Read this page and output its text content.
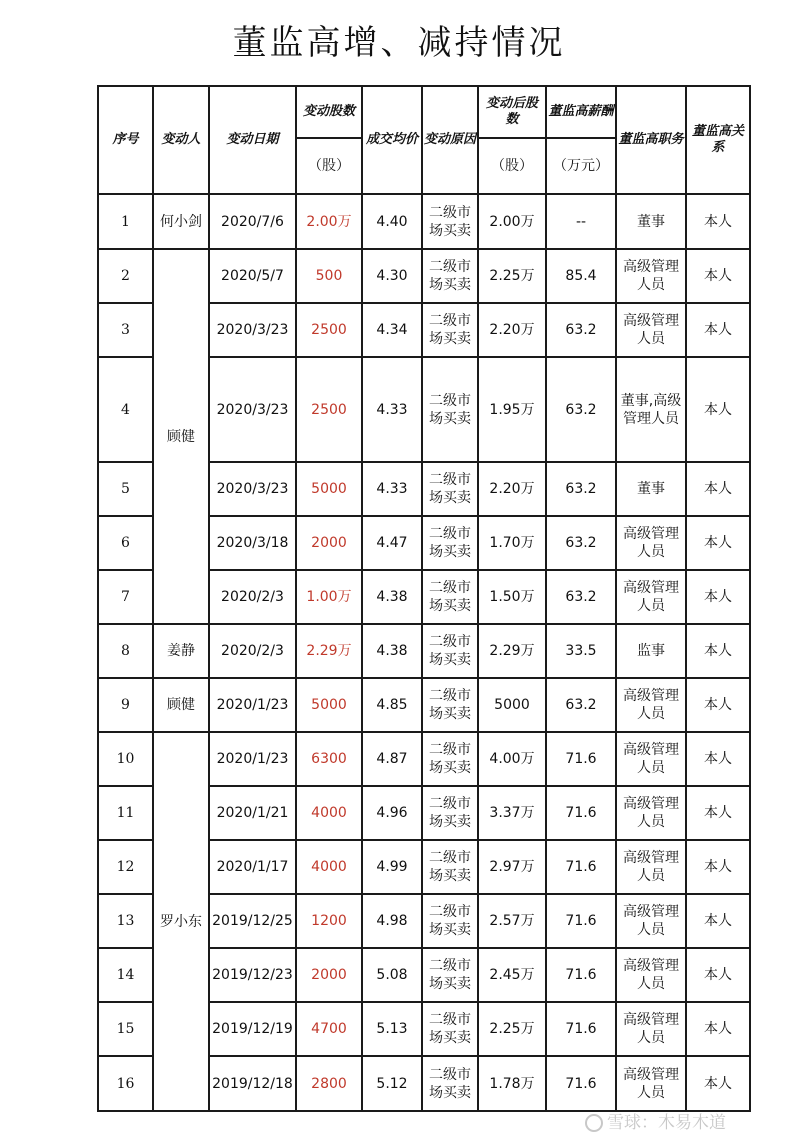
董监高增、减持情况
序号	变动人	变动日期	变动股数	成交均价	变动原因	变动后股数	董监高薪酬	董监高职务	董监高关系
			（股）			（股）	（万元）		
1	何小剑	2020/7/6	2.00万	4.40	二级市场买卖	2.00万	--	董事	本人
2	顾健	2020/5/7	500	4.30	二级市场买卖	2.25万	85.4	高级管理人员	本人
3		2020/3/23	2500	4.34	二级市场买卖	2.20万	63.2	高级管理人员	本人
4		2020/3/23	2500	4.33	二级市场买卖	1.95万	63.2	董事,高级管理人员	本人
5		2020/3/23	5000	4.33	二级市场买卖	2.20万	63.2	董事	本人
6		2020/3/18	2000	4.47	二级市场买卖	1.70万	63.2	高级管理人员	本人
7		2020/2/3	1.00万	4.38	二级市场买卖	1.50万	63.2	高级管理人员	本人
8	姜静	2020/2/3	2.29万	4.38	二级市场买卖	2.29万	33.5	监事	本人
9	顾健	2020/1/23	5000	4.85	二级市场买卖	5000	63.2	高级管理人员	本人
10	罗小东	2020/1/23	6300	4.87	二级市场买卖	4.00万	71.6	高级管理人员	本人
11		2020/1/21	4000	4.96	二级市场买卖	3.37万	71.6	高级管理人员	本人
12		2020/1/17	4000	4.99	二级市场买卖	2.97万	71.6	高级管理人员	本人
13		2019/12/25	1200	4.98	二级市场买卖	2.57万	71.6	高级管理人员	本人
14		2019/12/23	2000	5.08	二级市场买卖	2.45万	71.6	高级管理人员	本人
15		2019/12/19	4700	5.13	二级市场买卖	2.25万	71.6	高级管理人员	本人
16		2019/12/18	2800	5.12	二级市场买卖	1.78万	71.6	高级管理人员	本人
雪球：木易木道
